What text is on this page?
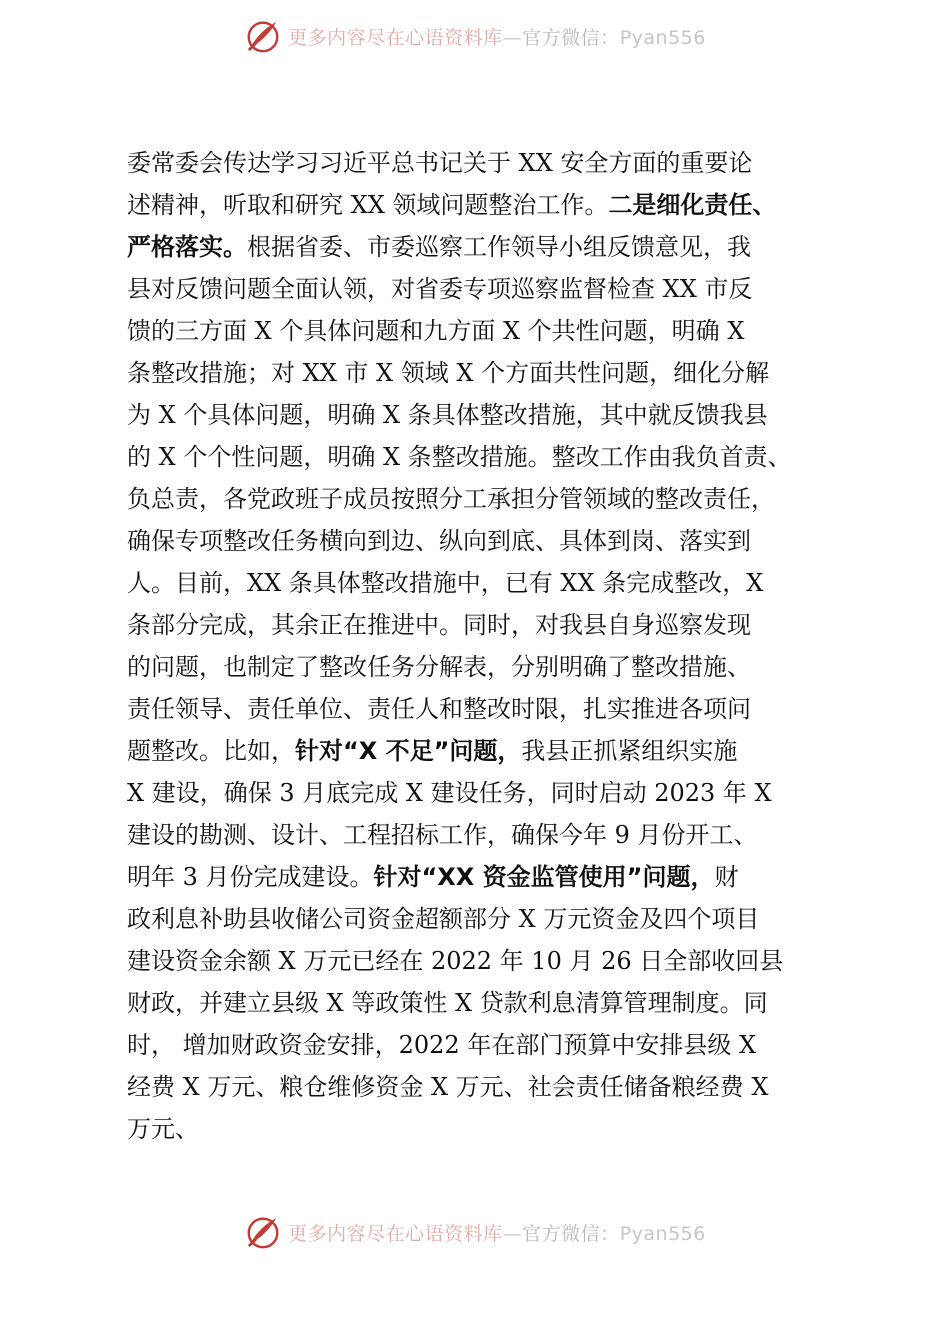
更多内容尽在心语资料库—官方微信：Pyan556
委常委会传达学习习近平总书记关于 XX 安全方面的重要论
述精神，听取和研究 XX 领域问题整治工作。二是细化责任、
严格落实。根据省委、市委巡察工作领导小组反馈意见，我
县对反馈问题全面认领，对省委专项巡察监督检查 XX 市反
馈的三方面 X 个具体问题和九方面 X 个共性问题，明确 X
条整改措施；对 XX 市 X 领域 X 个方面共性问题，细化分解
为 X 个具体问题，明确 X 条具体整改措施，其中就反馈我县
的 X 个个性问题，明确 X 条整改措施。整改工作由我负首责、
负总责，各党政班子成员按照分工承担分管领域的整改责任，
确保专项整改任务横向到边、纵向到底、具体到岗、落实到
人。目前，XX 条具体整改措施中，已有 XX 条完成整改，X
条部分完成，其余正在推进中。同时，对我县自身巡察发现
的问题，也制定了整改任务分解表，分别明确了整改措施、
责任领导、责任单位、责任人和整改时限，扎实推进各项问
题整改。比如，针对“X 不足”问题，我县正抓紧组织实施
X 建设，确保 3 月底完成 X 建设任务，同时启动 2023 年 X
建设的勘测、设计、工程招标工作，确保今年 9 月份开工、
明年 3 月份完成建设。针对“XX 资金监管使用”问题，财
政利息补助县收储公司资金超额部分 X 万元资金及四个项目
建设资金余额 X 万元已经在 2022 年 10 月 26 日全部收回县
财政，并建立县级 X 等政策性 X 贷款利息清算管理制度。同
时， 增加财政资金安排，2022 年在部门预算中安排县级 X
经费 X 万元、粮仓维修资金 X 万元、社会责任储备粮经费 X
万元、
更多内容尽在心语资料库—官方微信：Pyan556
